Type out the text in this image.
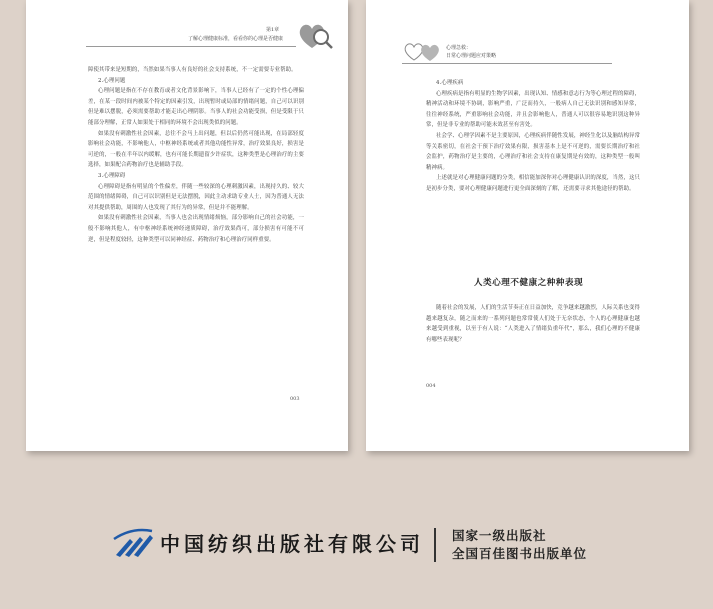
第1章
了解心理健康标准，看看你的心理是否健康

障使其带来是短期的，当然如果当事人有良好的社会支持系统，不一定需要专业帮助。

2.心理问题

心理问题是指在不存在教育或者文化背景影响下，当事人已经有了一定的个性心理偏差，在某一段时间内被某个特定的因素引发，出现暂时或局部的情绪问题，自己可以识别但是难以摆脱，必须需要帮助才能走出心理阴影。当事人的社会功能受损，但是受限于只能部分理解，正常人如果处于相同的环境不会出现类似的问题。

如果没有刺激性社会因素，总往不会马上出问题，但以后仍然可能出现，在局部轻度影响社会功能，不影响他人，中枢神经系统或者其他功能性异常，治疗效果良好，损害是可逆的，一般在半年以内缓解，也有可能长期遗留少许症状，这种类型是心理治疗的主要选择，如果配合药物治疗也是辅助手段。

3.心理障碍

心理障碍是指有明显的个性偏差，伴随一些较深的心理刺激因素，出现持久的、较大范围的情绪障碍，自己可以识别但是无法摆脱，因此主动求助专业人士，因为普通人无法对其提供帮助，周围的人也发现了其行为的异常，但是并不能理解。

如果没有刺激性社会因素，当事人也会出现情绪烦恼，部分影响自己的社会功能，一般不影响其他人，有中枢神经系统神经递质障碍，治疗效果尚可，部分损害有可能不可逆，但是程度较轻，这种类型可以同神经症、药物治疗和心理治疗同样重要。

003
心理急救：
日常心理问题应对策略

4.心理疾病

心理疾病是指有明显的生物学因素，出现认知、情感和意志行为等心理过程的障碍，精神活动和环境不协调，影响严重，广泛而持久，一般病人自己无法识别和感知异常，往往神经系统，严重影响社会功能，并且会影响他人，普通人可以很容易地识别这种异常，但是非专业的帮助可能未效甚至有害处。

社会学、心理学因素不是主要原因，心理疾病伴随性发展，神经生化以及脑结构异常等关系密切，在社会干预下治疗效果有限，损害基本上是不可逆的，需要长期治疗和社会监护，药物治疗是主要的，心理治疗和社会支持在康复期是有效的，这种类型一般叫精神病。

上述就是对心理健康问题的分类，相信能加深你对心理健康认识的深度，当然，这只是初步分类，要对心理健康问题进行更全面深刻的了解，还需要寻求其他途径的帮助。

人类心理不健康之种种表现

随着社会的发展，人们的生活节奏正在日益加快，竞争越来越激烈，人际关系也变得越来越复杂，随之而来的一系列问题也常常使人们处于无奈状态，个人的心理健康也越来越受到重视，以至于有人说：“人类进入了情绪负重年代”，那么，我们心理的不健康有哪些表现呢？

004
中国纺织出版社有限公司 国家一级出版社
全国百佳图书出版单位
